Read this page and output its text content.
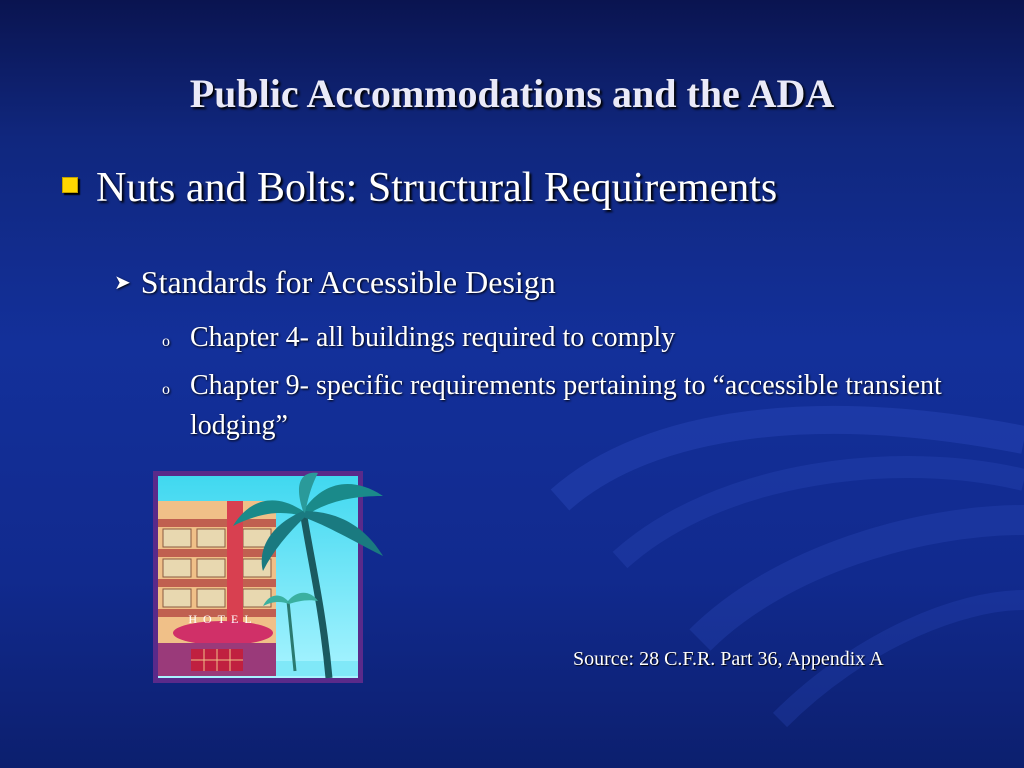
Public Accommodations and the ADA
Nuts and Bolts: Structural Requirements
➤ Standards for Accessible Design
o Chapter 4- all buildings required to comply
o Chapter 9- specific requirements pertaining to “accessible transient lodging”
HOTEL
Source: 28 C.F.R. Part 36, Appendix A
